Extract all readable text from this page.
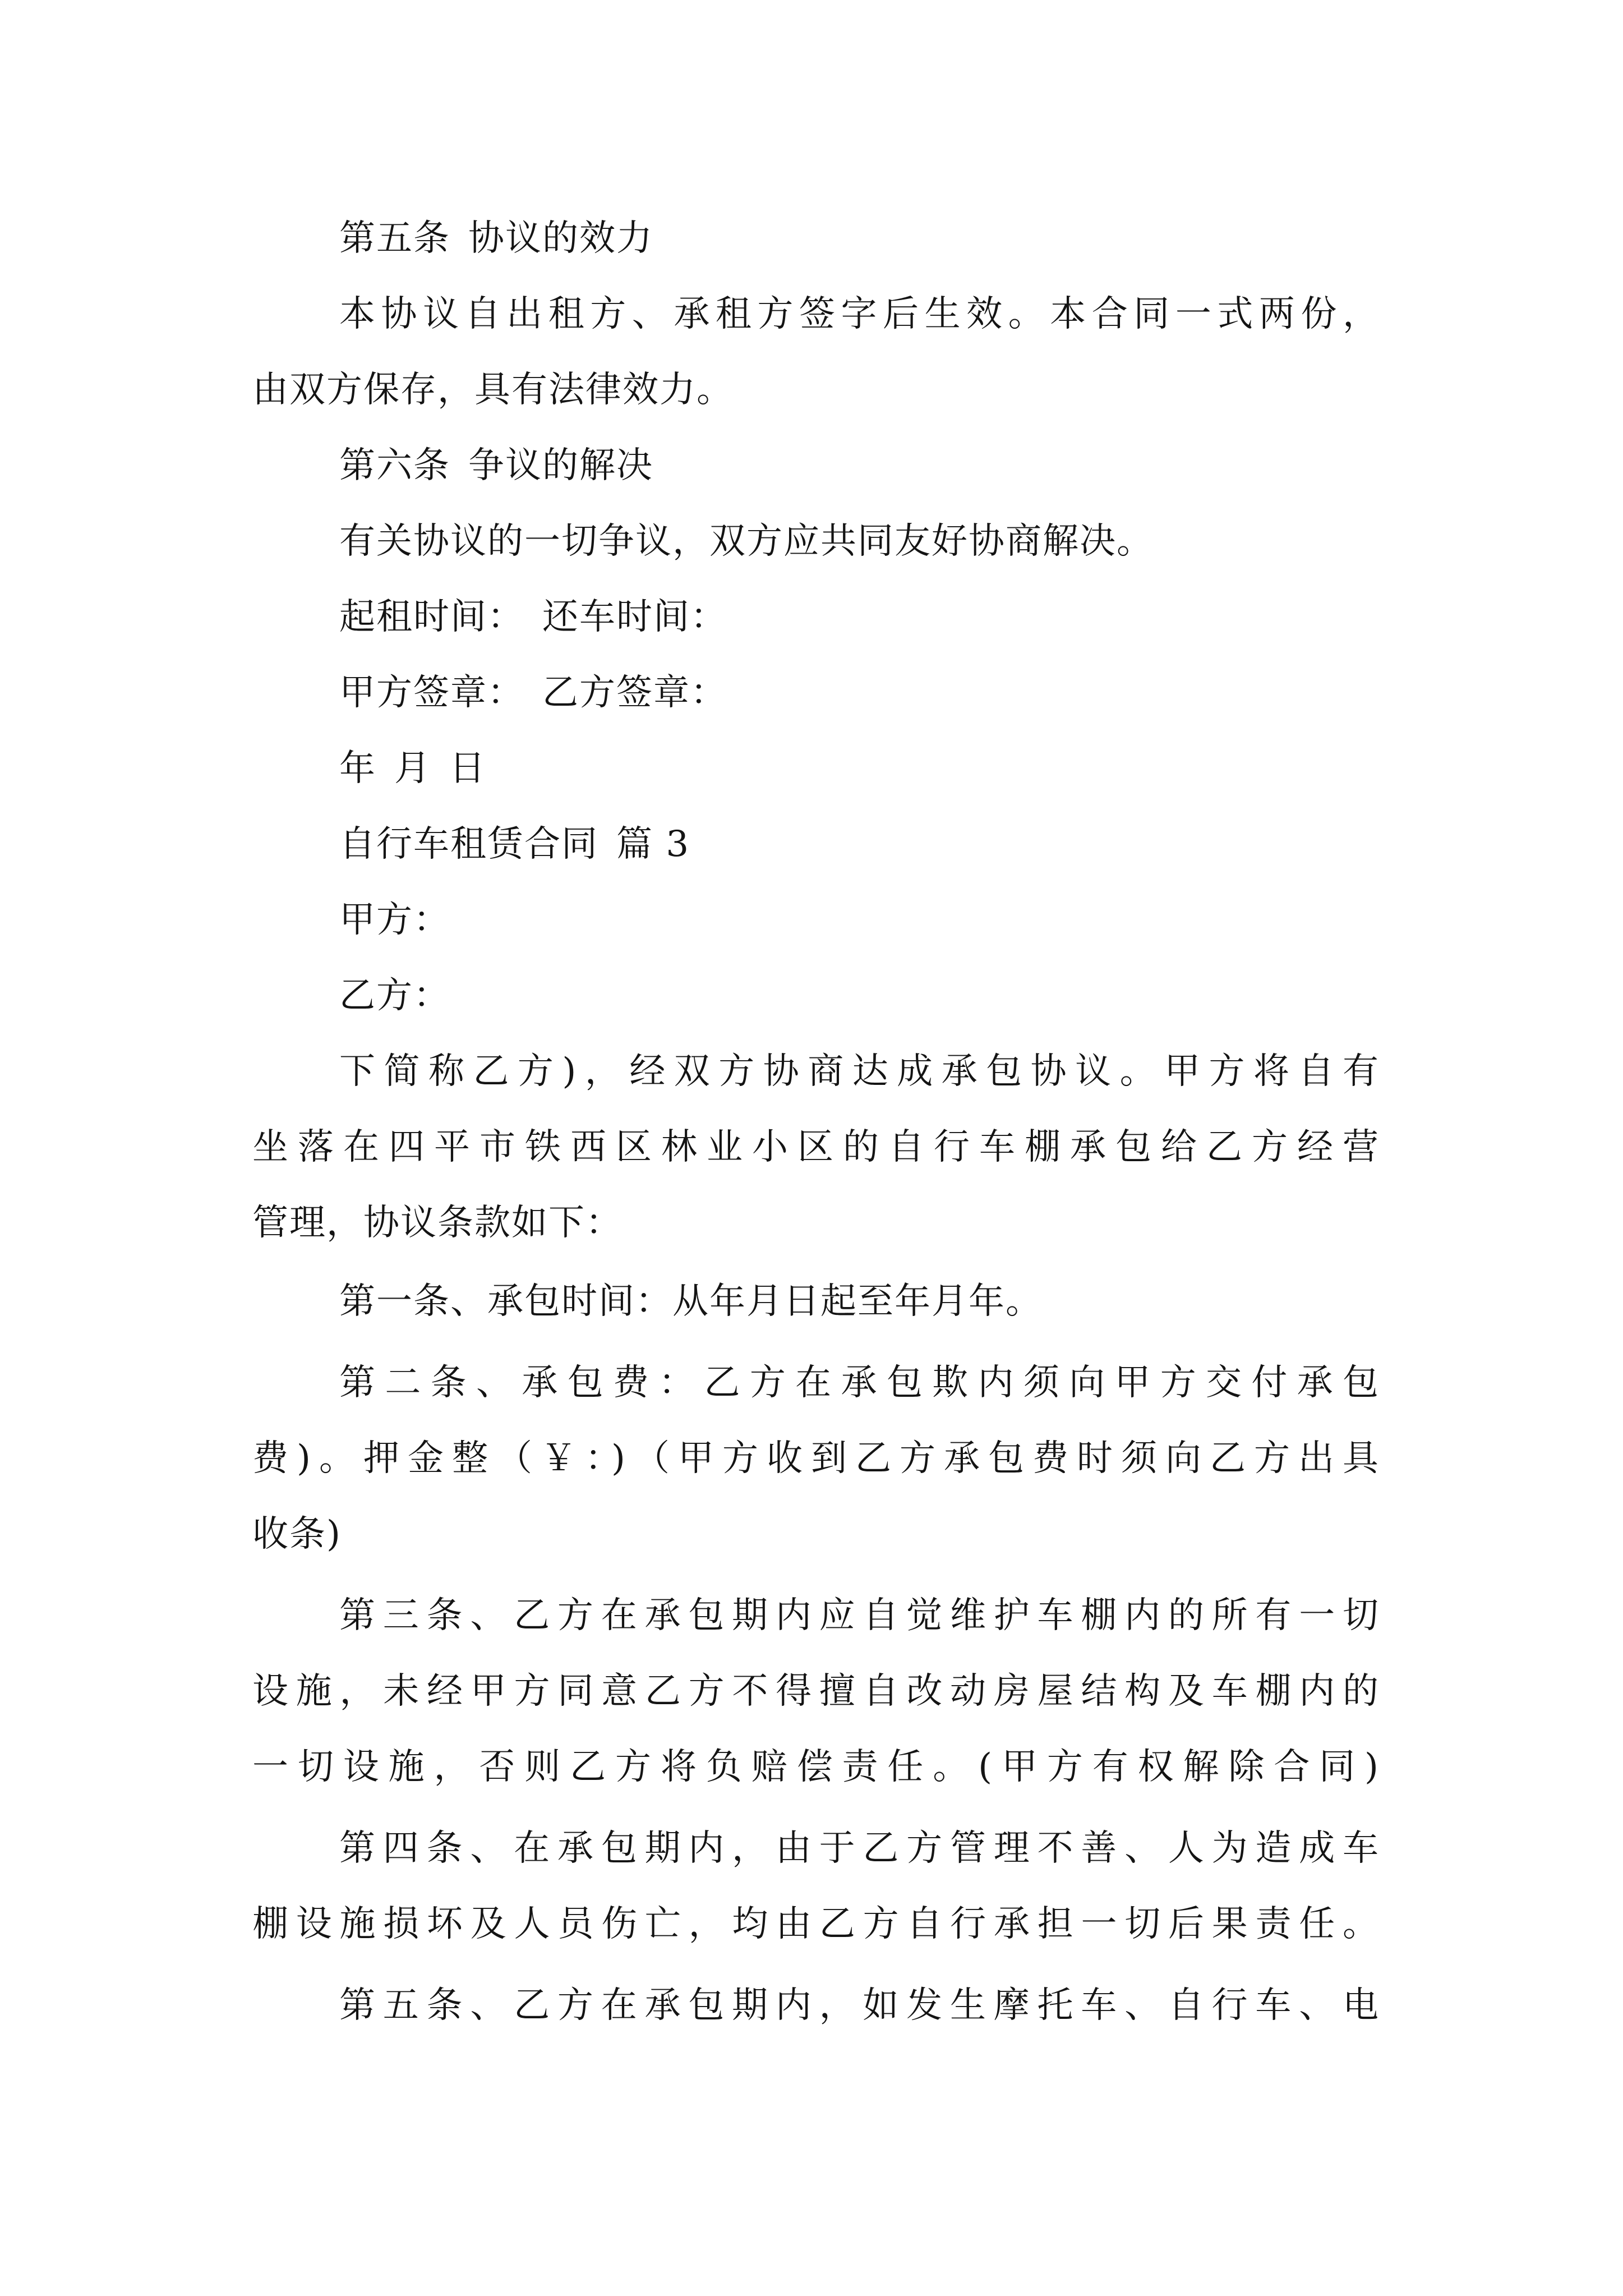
第五条 协议的效力
本协议自出租方、承租方签字后生效。本合同一式两份，
由双方保存，具有法律效力。
第六条 争议的解决
有关协议的一切争议，双方应共同友好协商解决。
起租时间： 还车时间：
甲方签章： 乙方签章：
年 月 日
自行车租赁合同 篇 3
甲方：
乙方：
下简称乙方)，经双方协商达成承包协议。甲方将自有
坐落在四平市铁西区林业小区的自行车棚承包给乙方经营
管理，协议条款如下：
第一条、承包时间：从年月日起至年月年。
第二条、承包费：乙方在承包欺内须向甲方交付承包
费)。押金整（￥：)（甲方收到乙方承包费时须向乙方出具
收条)
第三条、乙方在承包期内应自觉维护车棚内的所有一切
设施，未经甲方同意乙方不得擅自改动房屋结构及车棚内的
一切设施，否则乙方将负赔偿责任。(甲方有权解除合同)
第四条、在承包期内，由于乙方管理不善、人为造成车
棚设施损坏及人员伤亡，均由乙方自行承担一切后果责任。
第五条、乙方在承包期内，如发生摩托车、自行车、电
